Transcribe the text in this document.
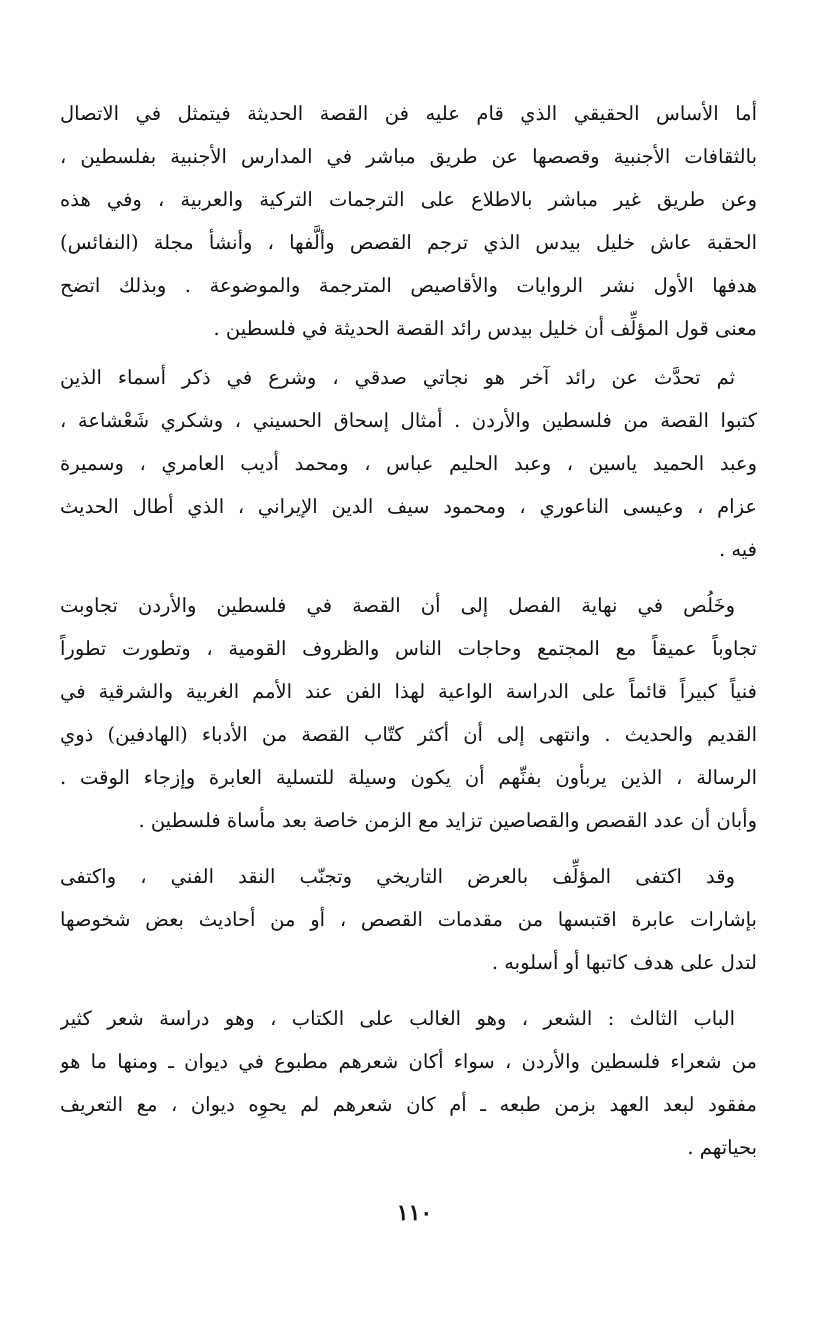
أما الأساس الحقيقي الذي قام عليه فن القصة الحديثة فيتمثل في الاتصال
بالثقافات الأجنبية وقصصها عن طريق مباشر في المدارس الأجنبية بفلسطين ،
وعن طريق غير مباشر بالاطلاع على الترجمات التركية والعربية ، وفي هذه
الحقبة عاش خليل بيدس الذي ترجم القصص وألَّفها ، وأنشأ مجلة (النفائس)
هدفها الأول نشر الروايات والأقاصيص المترجمة والموضوعة . وبذلك اتضح
معنى قول المؤلِّف أن خليل بيدس رائد القصة الحديثة في فلسطين .
ثم تحدَّث عن رائد آخر هو نجاتي صدقي ، وشرع في ذكر أسماء الذين
كتبوا القصة من فلسطين والأردن . أمثال إسحاق الحسيني ، وشكري شَعْشاعة ،
وعبد الحميد ياسين ، وعبد الحليم عباس ، ومحمد أديب العامري ، وسميرة
عزام ، وعيسى الناعوري ، ومحمود سيف الدين الإيراني ، الذي أطال الحديث
فيه .
وخَلُص في نهاية الفصل إلى أن القصة في فلسطين والأردن تجاوبت
تجاوباً عميقاً مع المجتمع وحاجات الناس والظروف القومية ، وتطورت تطوراً
فنياً كبيراً قائماً على الدراسة الواعية لهذا الفن عند الأمم الغربية والشرقية في
القديم والحديث . وانتهى إلى أن أكثر كتّاب القصة من الأدباء (الهادفين) ذوي
الرسالة ، الذين يربأون بفنِّهم أن يكون وسيلة للتسلية العابرة وإزجاء الوقت .
وأبان أن عدد القصص والقصاصين تزايد مع الزمن خاصة بعد مأساة فلسطين .
وقد اكتفى المؤلِّف بالعرض التاريخي وتجنّب النقد الفني ، واكتفى
بإشارات عابرة اقتبسها من مقدمات القصص ، أو من أحاديث بعض شخوصها
لتدل على هدف كاتبها أو أسلوبه .
الباب الثالث : الشعر ، وهو الغالب على الكتاب ، وهو دراسة شعر كثير
من شعراء فلسطين والأردن ، سواء أكان شعرهم مطبوع في ديوان ـ ومنها ما هو
مفقود لبعد العهد بزمن طبعه ـ أم كان شعرهم لم يحوِه ديوان ، مع التعريف
بحياتهم .
١١٠
